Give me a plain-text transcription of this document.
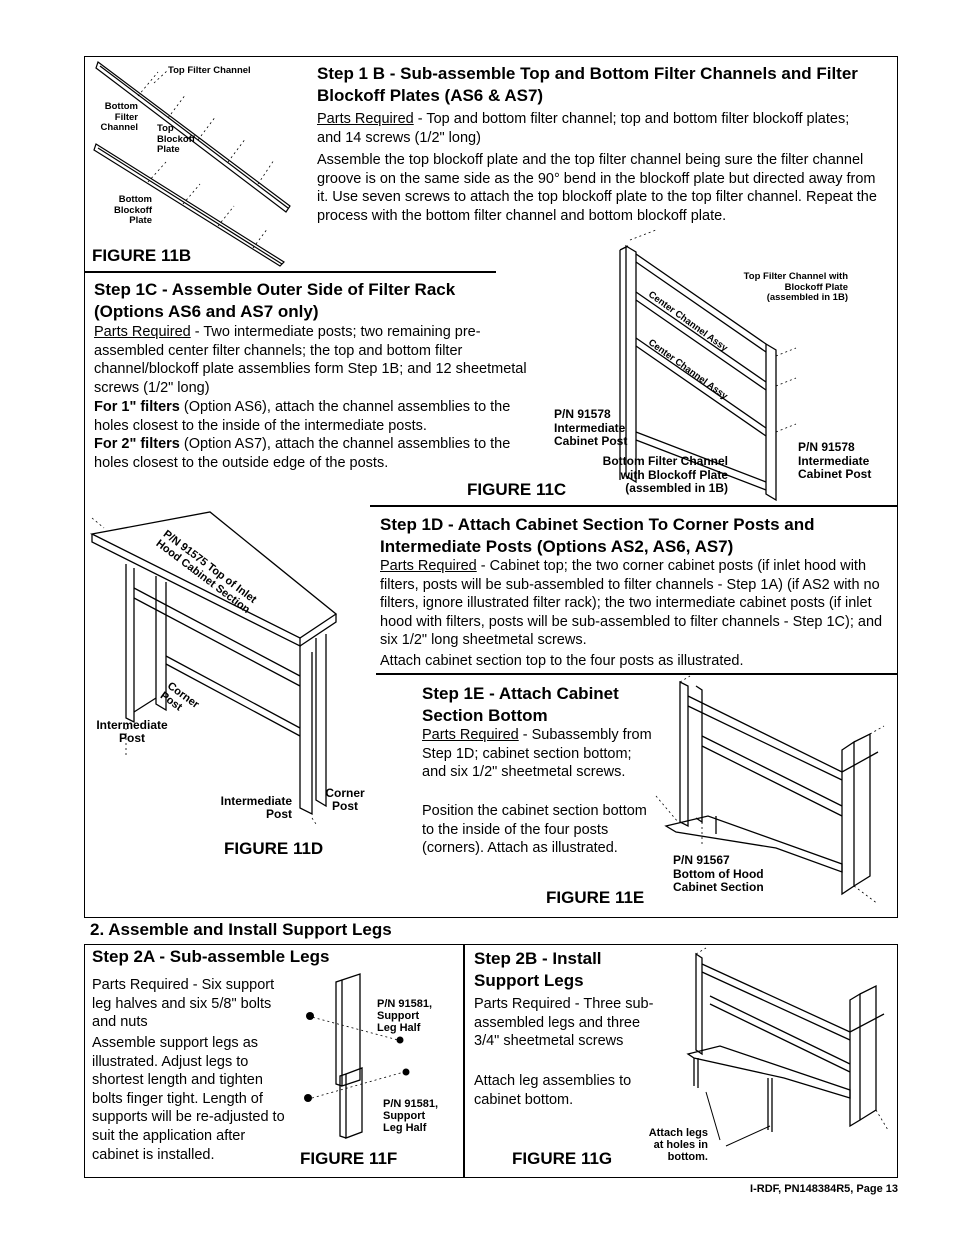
Step 1 B - Sub-assemble Top and Bottom Filter Channels and Filter Blockoff Plates (AS6 & AS7)
Parts Required - Top and bottom filter channel; top and bottom filter blockoff plates; and 14 screws (1/2" long)
Assemble the top blockoff plate and the top filter channel being sure the filter channel groove is on the same side as the 90° bend in the blockoff plate but directed away from it. Use seven screws to attach the top blockoff plate to the top filter channel. Repeat the process with the bottom filter channel and bottom blockoff plate.
FIGURE 11B
Top Filter Channel
Bottom
Filter
Channel Top
Blockoff
Plate
Bottom
Blockoff
Plate
Step 1C - Assemble Outer Side of Filter Rack (Options AS6 and AS7 only)
Parts Required - Two intermediate posts; two remaining pre-assembled center filter channels; the top and bottom filter channel/blockoff plate assemblies form Step 1B; and 12 sheetmetal screws (1/2" long)
For 1" filters (Option AS6), attach the channel assemblies to the holes closest to the inside of the intermediate posts.
For 2" filters (Option AS7), attach the channel assemblies to the holes closest to the outside edge of the posts.
FIGURE 11C
Top Filter Channel with
Blockoff Plate
(assembled in 1B)
Center Channel Assy
Center Channel Assy
P/N 91578
Intermediate
Cabinet Post
Bottom Filter Channel
with Blockoff Plate
(assembled in 1B)
P/N 91578
Intermediate
Cabinet Post
Step 1D - Attach Cabinet Section To Corner Posts and Intermediate Posts (Options AS2, AS6, AS7)
Parts Required - Cabinet top; the two corner cabinet posts (if inlet hood with filters, posts will be sub-assembled to filter channels - Step 1A) (if AS2 with no filters, ignore illustrated filter rack); the two intermediate cabinet posts (if inlet hood with filters, posts will be sub-assembled to filter channels - Step 1C); and six 1/2" long sheetmetal screws.
Attach cabinet section top to the four posts as illustrated.
FIGURE 11D
P/N 91575 Top of Inlet
Hood Cabinet Section
Corner
Post
Intermediate
Post
Intermediate
Post
Corner
Post
Step 1E - Attach Cabinet Section Bottom
Parts Required - Subassembly from Step 1D; cabinet section bottom; and six 1/2" sheetmetal screws.
Position the cabinet section bottom to the inside of the four posts (corners). Attach as illustrated.
FIGURE 11E
P/N 91567
Bottom of Hood
Cabinet Section
2. Assemble and Install Support Legs
Step 2A - Sub-assemble Legs
Parts Required - Six support leg halves and six 5/8" bolts and nuts
Assemble support legs as illustrated. Adjust legs to shortest length and tighten bolts finger tight. Length of supports will be re-adjusted to suit the application after cabinet is installed.	FIGURE 11F
P/N 91581,
Support
Leg Half
P/N 91581,
Support
Leg Half
Step 2B - Install Support Legs
Parts Required - Three sub-assembled legs and three 3/4" sheetmetal screws
Attach leg assemblies to cabinet bottom.
FIGURE 11G
Attach legs
at holes in
bottom.
I-RDF, PN148384R5, Page 13
